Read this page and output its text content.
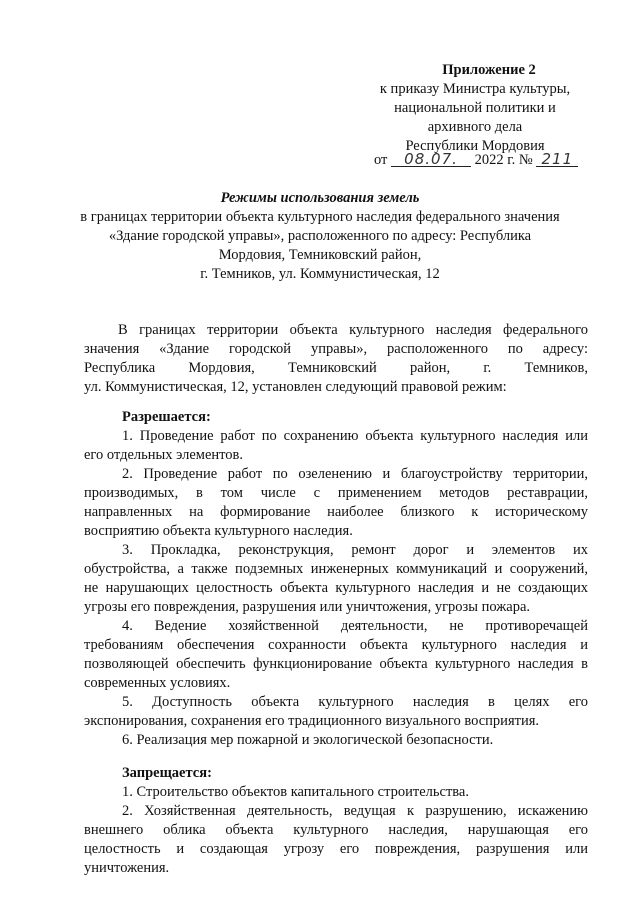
Приложение 2
к приказу Министра культуры,
национальной политики и
архивного дела
Республики Мордовия
от 08.07. 2022 г. № 211
Режимы использования земель
в границах территории объекта культурного наследия федерального значения
«Здание городской управы», расположенного по адресу: Республика
Мордовия, Темниковский район,
г. Темников, ул. Коммунистическая, 12
В границах территории объекта культурного наследия федерального
значения «Здание городской управы», расположенного по адресу:
Республика Мордовия, Темниковский район, г. Темников,
ул. Коммунистическая, 12, установлен следующий правовой режим:
Разрешается:
1. Проведение работ по сохранению объекта культурного наследия или
его отдельных элементов.
2. Проведение работ по озеленению и благоустройству территории,
производимых, в том числе с применением методов реставрации,
направленных на формирование наиболее близкого к историческому
восприятию объекта культурного наследия.
3. Прокладка, реконструкция, ремонт дорог и элементов их
обустройства, а также подземных инженерных коммуникаций и сооружений,
не нарушающих целостность объекта культурного наследия и не создающих
угрозы его повреждения, разрушения или уничтожения, угрозы пожара.
4. Ведение хозяйственной деятельности, не противоречащей
требованиям обеспечения сохранности объекта культурного наследия и
позволяющей обеспечить функционирование объекта культурного наследия в
современных условиях.
5. Доступность объекта культурного наследия в целях его
экспонирования, сохранения его традиционного визуального восприятия.
6. Реализация мер пожарной и экологической безопасности.
Запрещается:
1. Строительство объектов капитального строительства.
2. Хозяйственная деятельность, ведущая к разрушению, искажению
внешнего облика объекта культурного наследия, нарушающая его
целостность и создающая угрозу его повреждения, разрушения или
уничтожения.
